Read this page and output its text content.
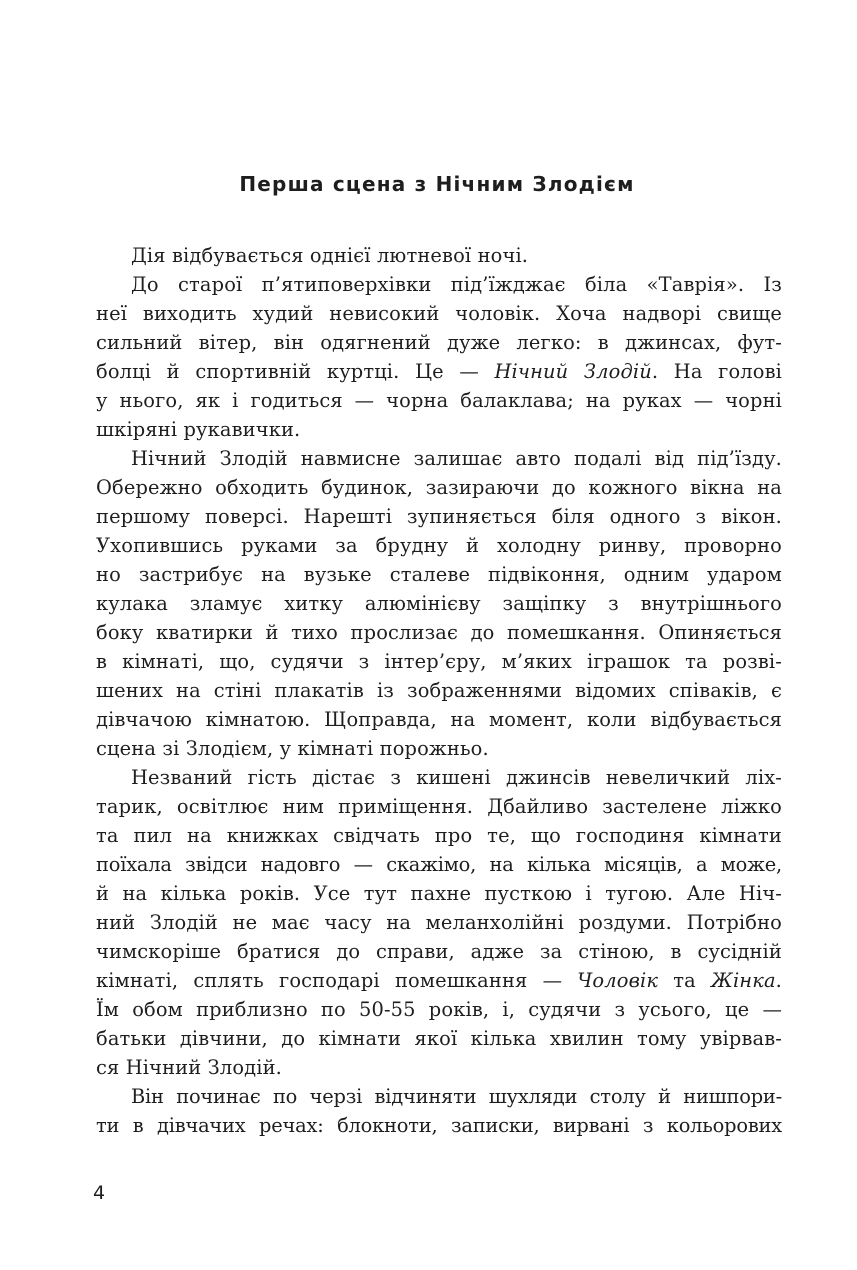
Перша сцена з Нічним Злодієм
Дія відбувається однієї лютневої ночі.
До старої п’ятиповерхівки під’їжджає біла «Таврія». Із
неї виходить худий невисокий чоловік. Хоча надворі свище
сильний вітер, він одягнений дуже легко: в джинсах, фут-
болці й спортивній куртці. Це — Нічний Злодій. На голові
у нього, як і годиться — чорна балаклава; на руках — чорні
шкіряні рукавички.
Нічний Злодій навмисне залишає авто подалі від під’їзду.
Обережно обходить будинок, зазираючи до кожного вікна на
першому поверсі. Нарешті зупиняється біля одного з вікон.
Ухопившись руками за брудну й холодну ринву, проворно
но застрибує на вузьке сталеве підвіконня, одним ударом
кулака зламує хитку алюмінієву защіпку з внутрішнього
боку кватирки й тихо прослизає до помешкання. Опиняється
в кімнаті, що, судячи з інтер’єру, м’яких іграшок та розві-
шених на стіні плакатів із зображеннями відомих співаків, є
дівчачою кімнатою. Щоправда, на момент, коли відбувається
сцена зі Злодієм, у кімнаті порожньо.
Незваний гість дістає з кишені джинсів невеличкий ліх-
тарик, освітлює ним приміщення. Дбайливо застелене ліжко
та пил на книжках свідчать про те, що господиня кімнати
поїхала звідси надовго — скажімо, на кілька місяців, а може,
й на кілька років. Усе тут пахне пусткою і тугою. Але Ніч-
ний Злодій не має часу на меланхолійні роздуми. Потрібно
чимскоріше братися до справи, адже за стіною, в сусідній
кімнаті, сплять господарі помешкання — Чоловік та Жінка.
Їм обом приблизно по 50-55 років, і, судячи з усього, це —
батьки дівчини, до кімнати якої кілька хвилин тому увірвав-
ся Нічний Злодій.
Він починає по черзі відчиняти шухляди столу й нишпори-
ти в дівчачих речах: блокноти, записки, вирвані з кольорових
4
